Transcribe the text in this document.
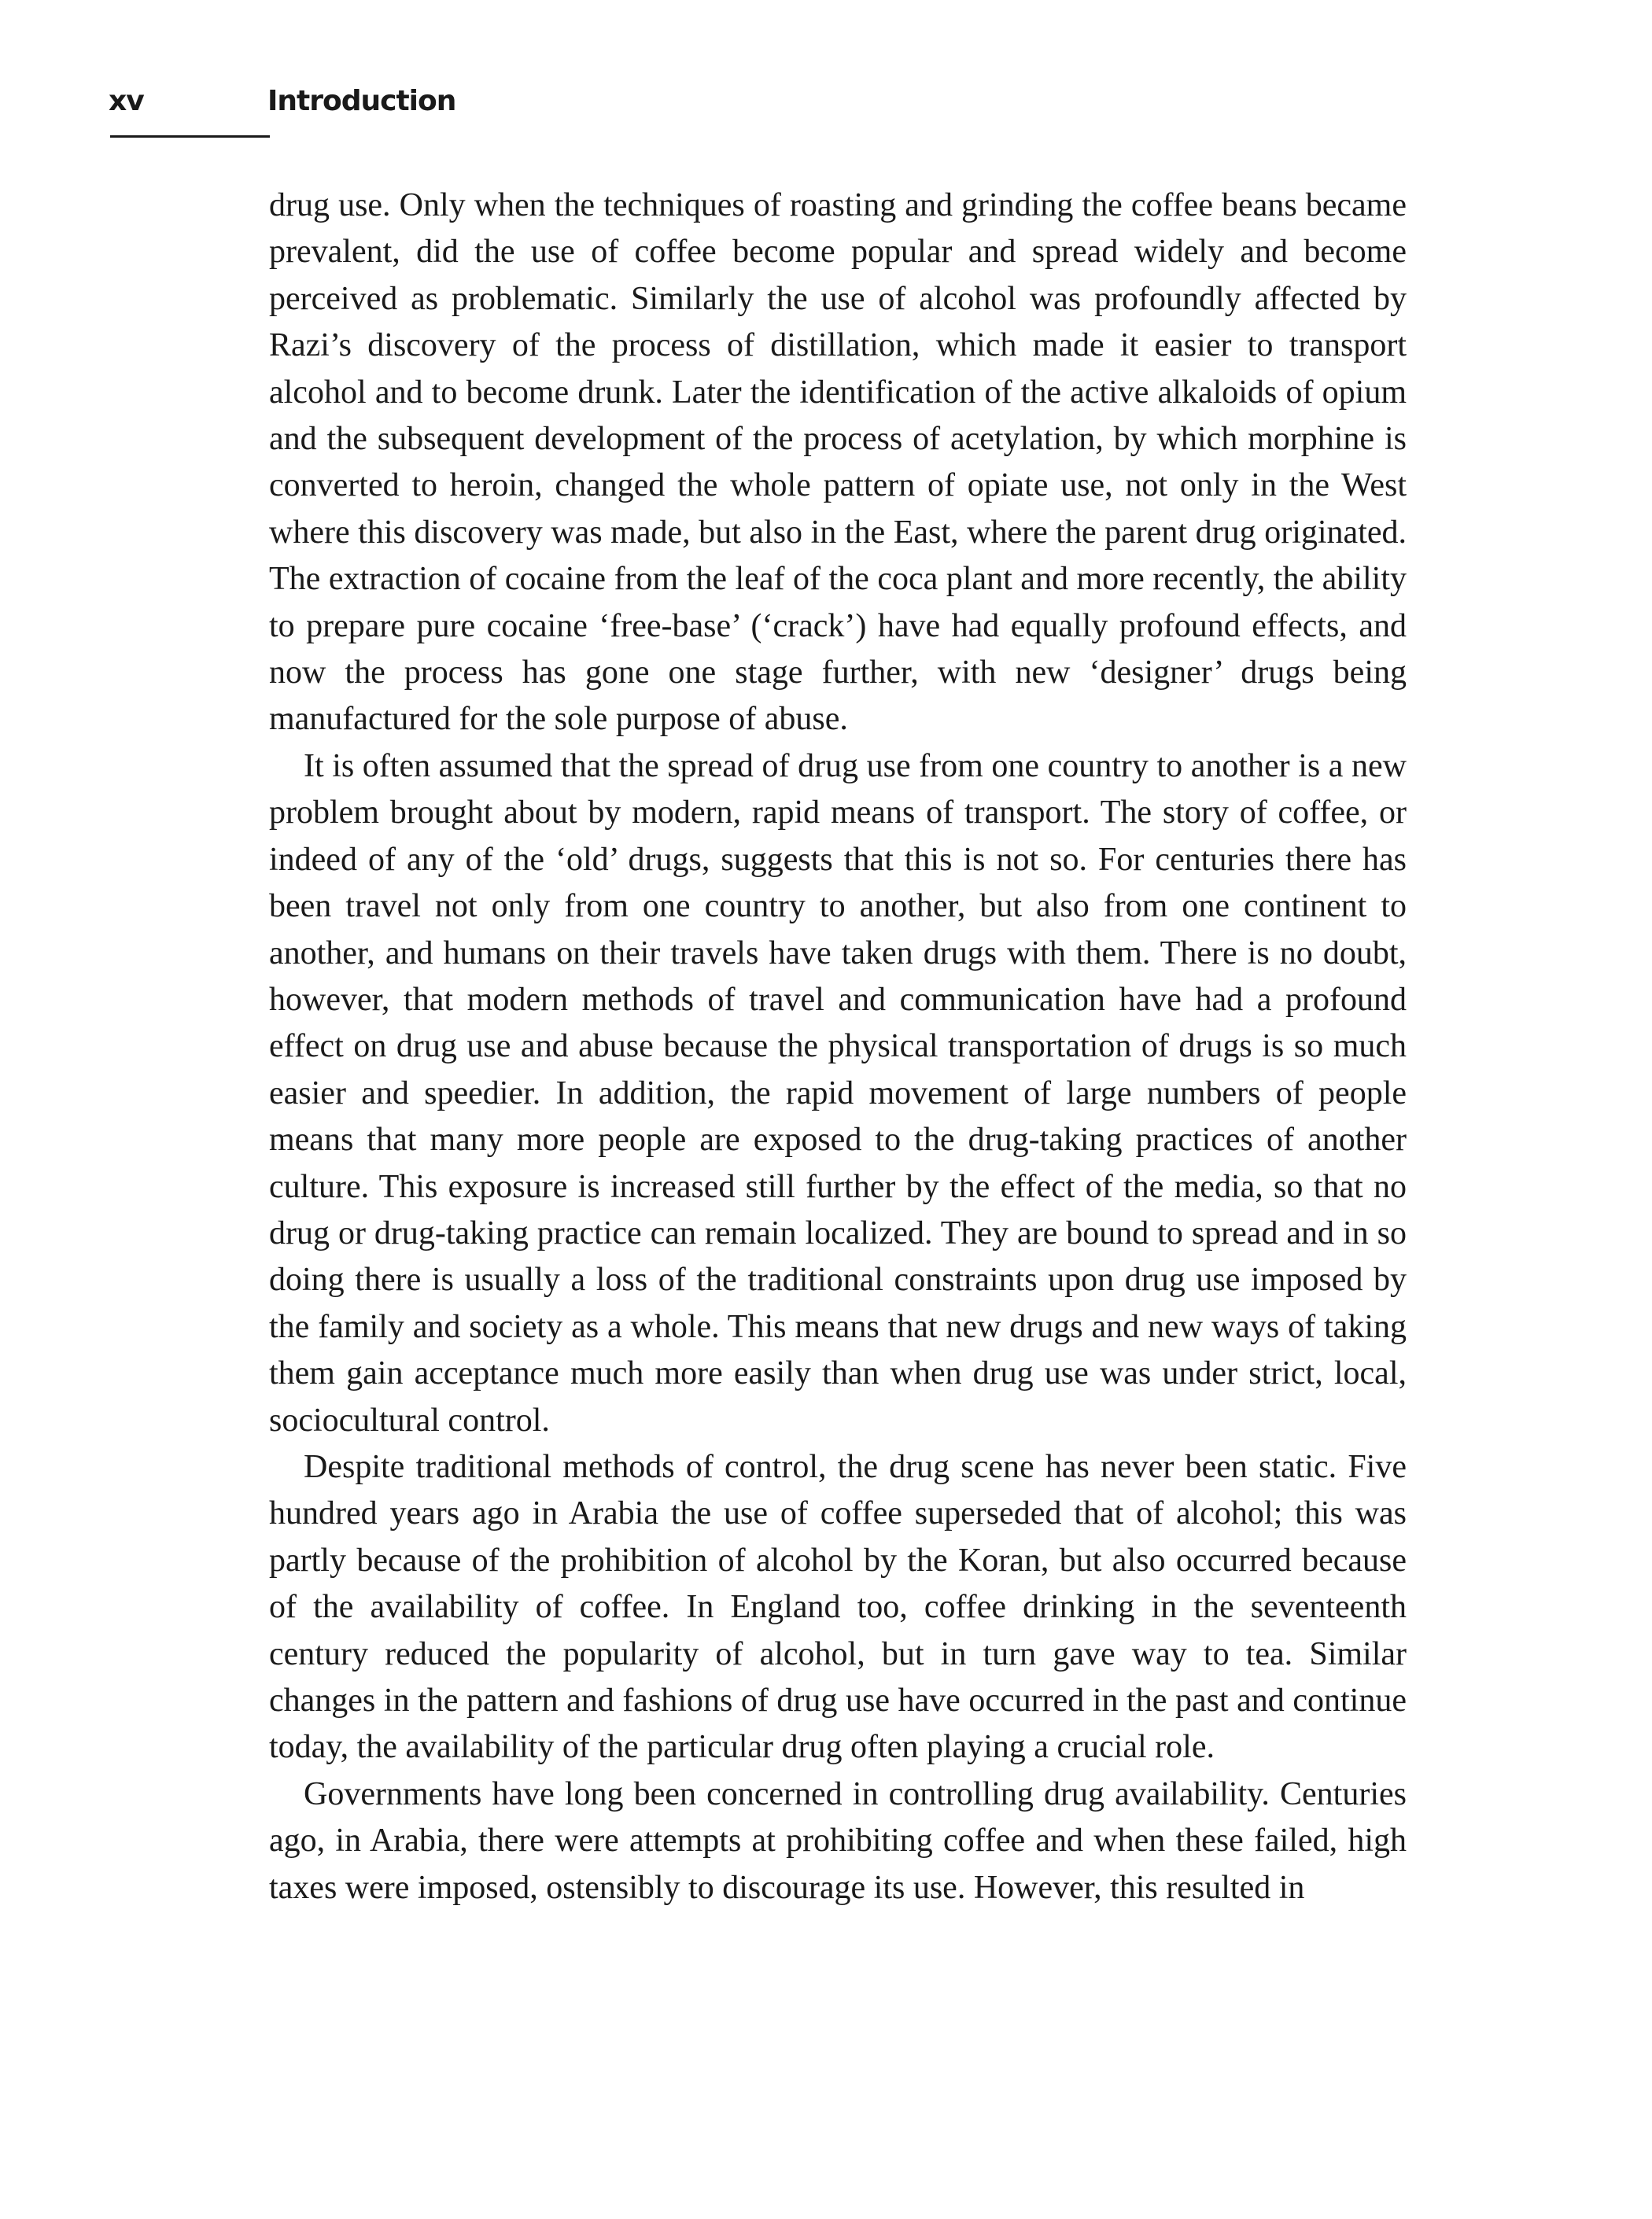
xv	Introduction

drug use. Only when the techniques of roasting and grinding the coffee beans became prevalent, did the use of coffee become popular and spread widely and become perceived as problematic. Similarly the use of alcohol was profoundly affected by Razi’s discovery of the process of distillation, which made it easier to transport alcohol and to become drunk. Later the identification of the active alkaloids of opium and the subsequent development of the process of acetylation, by which morphine is converted to heroin, changed the whole pattern of opiate use, not only in the West where this discovery was made, but also in the East, where the parent drug originated. The extraction of cocaine from the leaf of the coca plant and more recently, the ability to prepare pure cocaine ‘free-base’ (‘crack’) have had equally profound effects, and now the process has gone one stage further, with new ‘designer’ drugs being manufactured for the sole purpose of abuse.

It is often assumed that the spread of drug use from one country to another is a new problem brought about by modern, rapid means of transport. The story of coffee, or indeed of any of the ‘old’ drugs, suggests that this is not so. For centuries there has been travel not only from one country to another, but also from one continent to another, and humans on their travels have taken drugs with them. There is no doubt, however, that modern methods of travel and communication have had a profound effect on drug use and abuse because the physical transportation of drugs is so much easier and speedier. In addition, the rapid movement of large numbers of people means that many more people are exposed to the drug-taking practices of another culture. This exposure is increased still further by the effect of the media, so that no drug or drug-taking practice can remain localized. They are bound to spread and in so doing there is usually a loss of the traditional constraints upon drug use imposed by the family and society as a whole. This means that new drugs and new ways of taking them gain acceptance much more easily than when drug use was under strict, local, sociocultural control.

Despite traditional methods of control, the drug scene has never been static. Five hundred years ago in Arabia the use of coffee superseded that of alcohol; this was partly because of the prohibition of alcohol by the Koran, but also occurred because of the availability of coffee. In England too, coffee drinking in the seventeenth century reduced the popularity of alcohol, but in turn gave way to tea. Similar changes in the pattern and fashions of drug use have occurred in the past and continue today, the availability of the particular drug often playing a crucial role.

Governments have long been concerned in controlling drug availability. Centuries ago, in Arabia, there were attempts at prohibiting coffee and when these failed, high taxes were imposed, ostensibly to discourage its use. However, this resulted in
